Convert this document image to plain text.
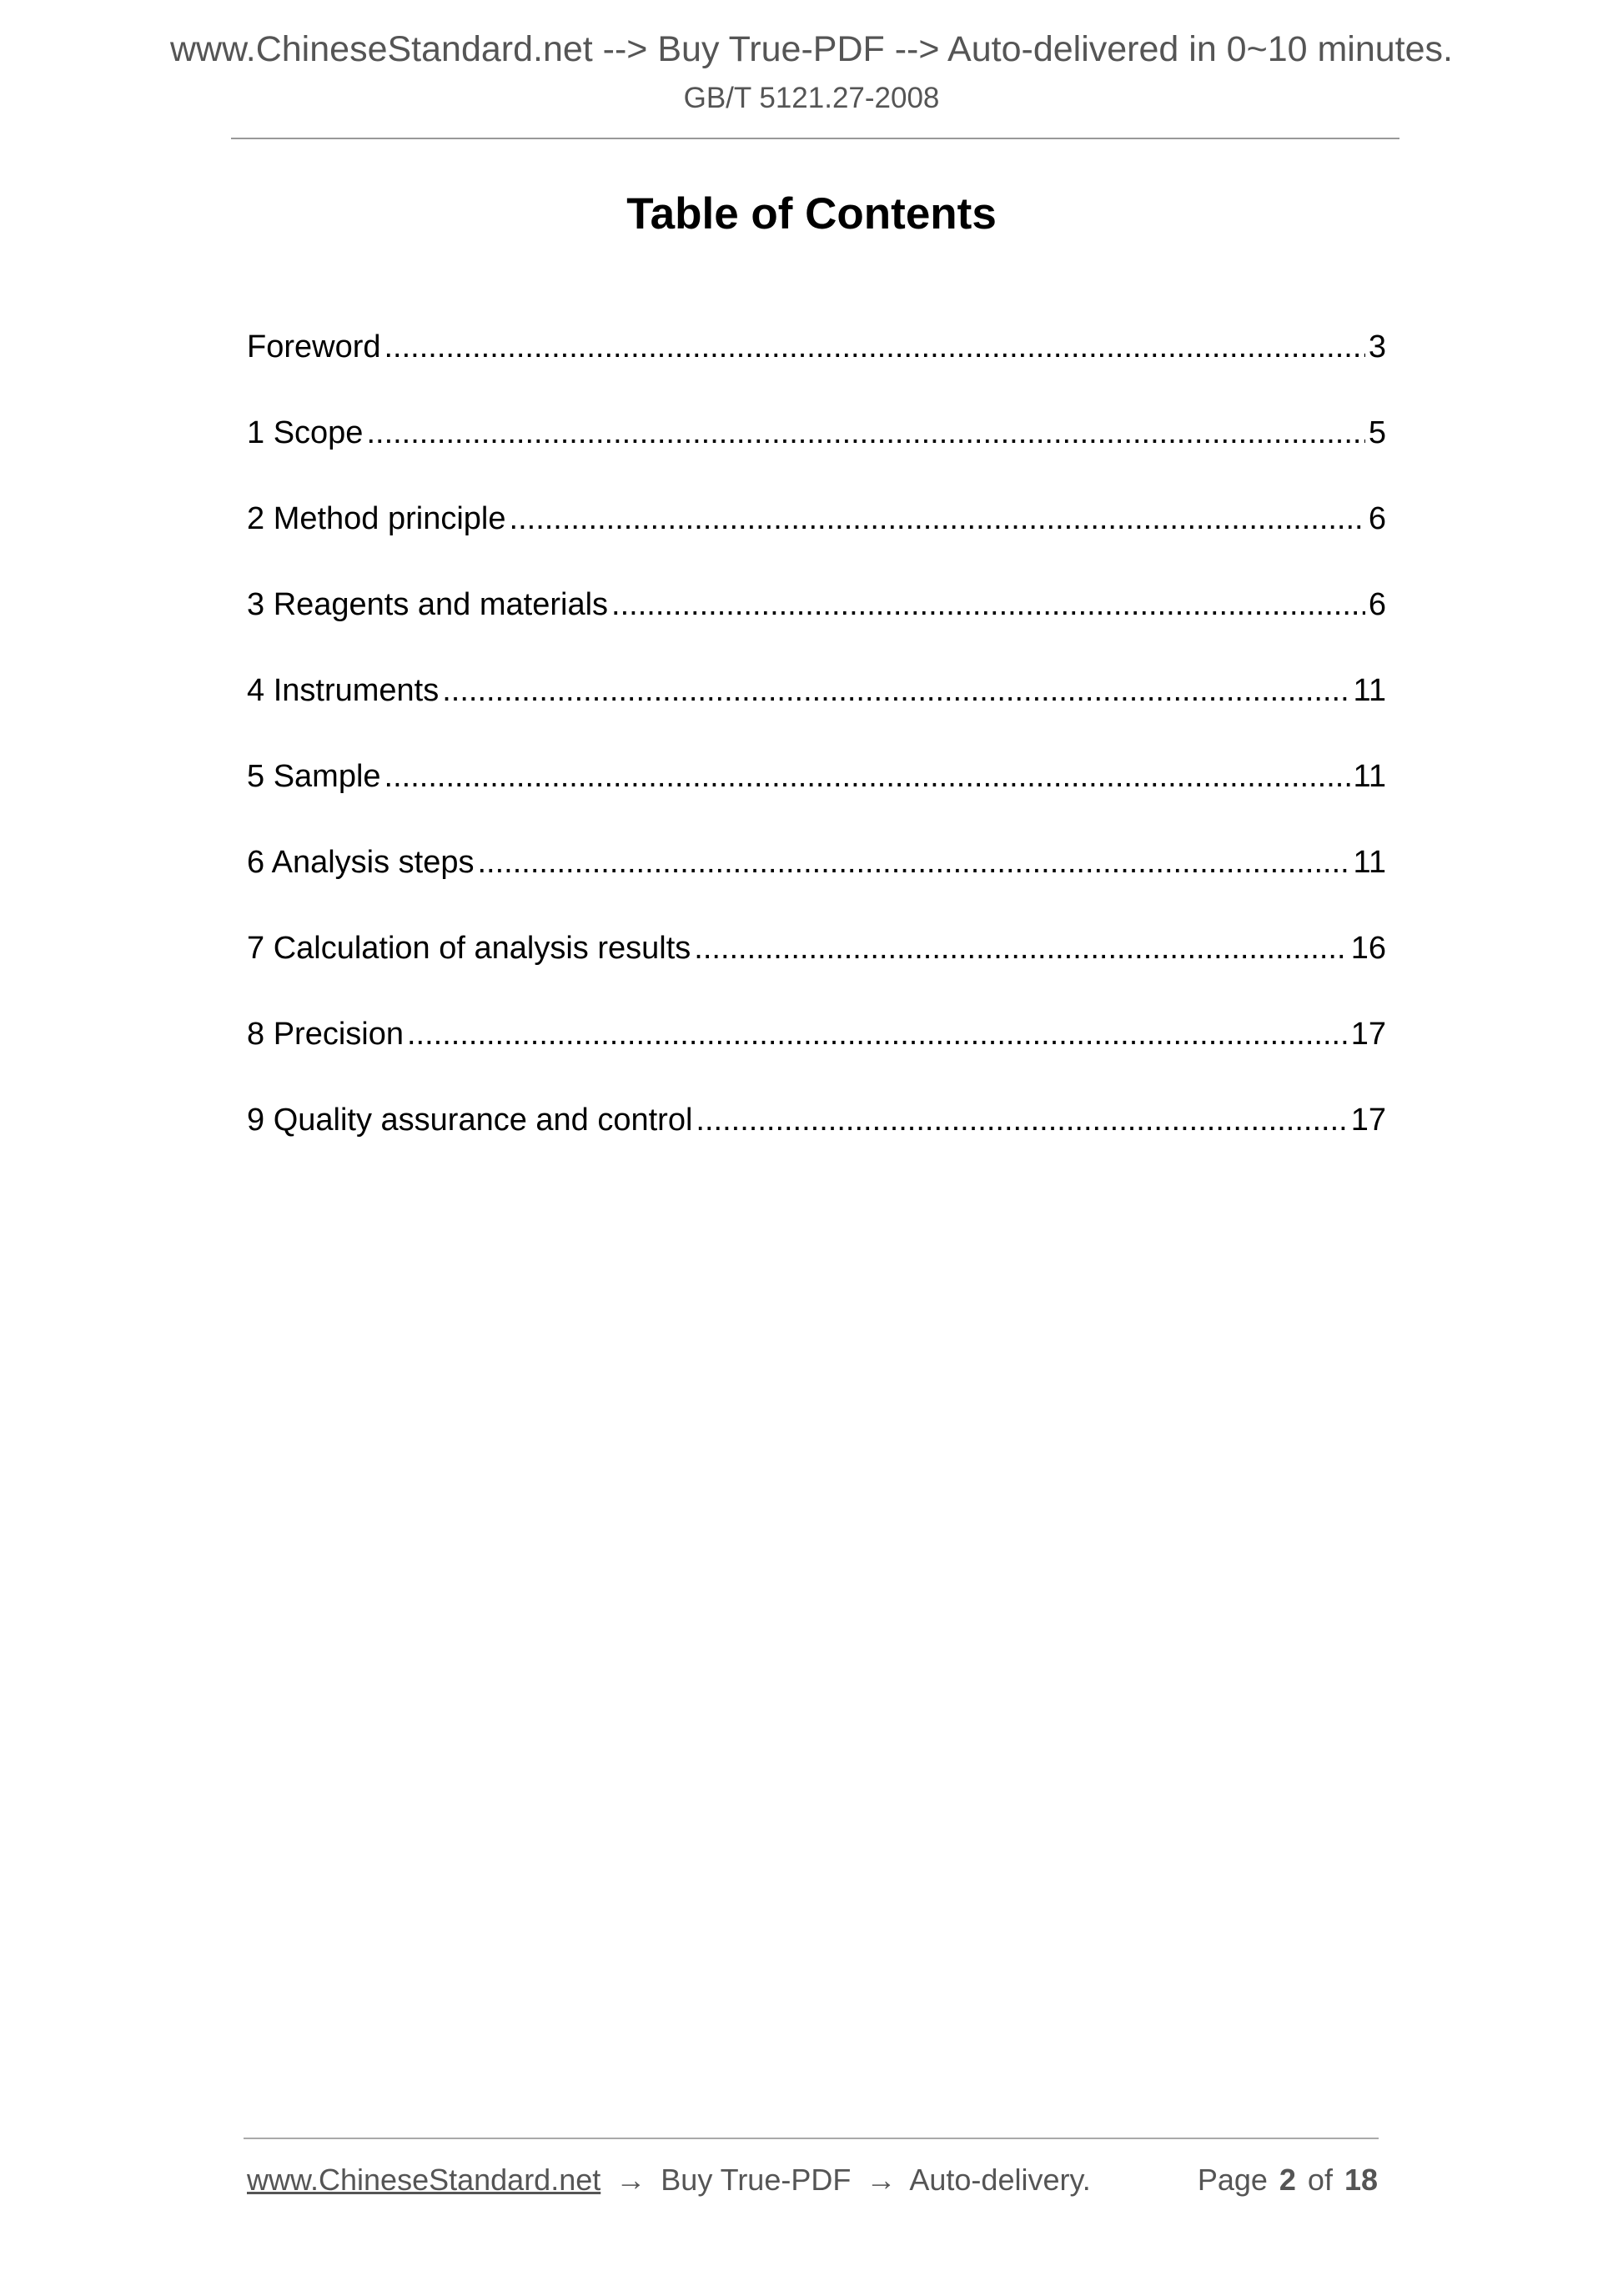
www.ChineseStandard.net --> Buy True-PDF --> Auto-delivered in 0~10 minutes.
GB/T 5121.27-2008
Table of Contents
Foreword .....	3
1 Scope .....	5
2 Method principle .....	6
3 Reagents and materials .....	6
4 Instruments .....	11
5 Sample .....	11
6 Analysis steps .....	11
7 Calculation of analysis results .....	16
8 Precision .....	17
9 Quality assurance and control .....	17
www.ChineseStandard.net → Buy True-PDF → Auto-delivery.	Page 2 of 18
